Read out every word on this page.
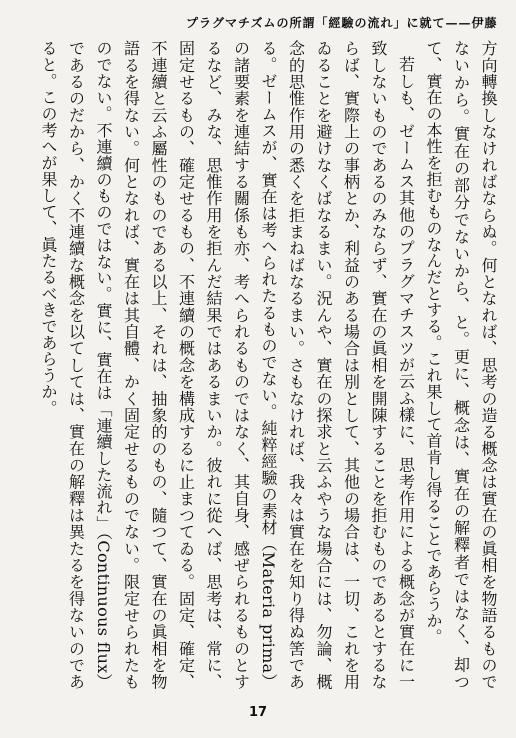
プラグマチズムの所謂「經驗の流れ」に就て——伊藤

方向轉換しなければならぬ。何となれば、思考の造る概念は實在の眞相を物語るものでないから。實在の部分でないから、と。更に、概念は、實在の解釋者ではなく、却つて、實在の本性を拒むものなんだとする。これ果して首肯し得ることであらうか。

若しも、ゼームス其他のプラグマチスツが云ふ樣に、思考作用による概念が實在に一致しないものであるのみならず、實在の眞相を開陳することを拒むものであるとするならば、實際上の事柄とか、利益のある場合は別として、其他の場合は、一切、これを用ゐることを避けなくばなるまい。況んや、實在の探求と云ふやうな場合には、勿論、概念的思惟作用の悉くを拒まねばなるまい。さもなければ、我々は實在を知り得ぬ筈である。ゼームスが、實在は考へられたるものでない。純粹經驗の素材（Materia prima）の諸要素を連結する關係も亦、考へられるものではなく、其自身、感ぜられるものとするなど、みな、思惟作用を拒んだ結果ではあるまいか。彼れに從へば、思考は、常に、固定せるもの、確定せるもの、不連續の概念を構成するに止まつてゐる。固定、確定、不連續と云ふ屬性のものである以上、それは、抽象的のもの、隨つて、實在の眞相を物語るを得ない。何となれば、實在は其自體、かく固定せるものでない。限定せられたものでない。不連續のものではない。實に、實在は「連續した流れ」（Continuous flux）であるのだから、かく不連續な概念を以てしては、實在の解釋は異たるを得ないのであると。この考へが果して、眞たるべきであらうか。

17
